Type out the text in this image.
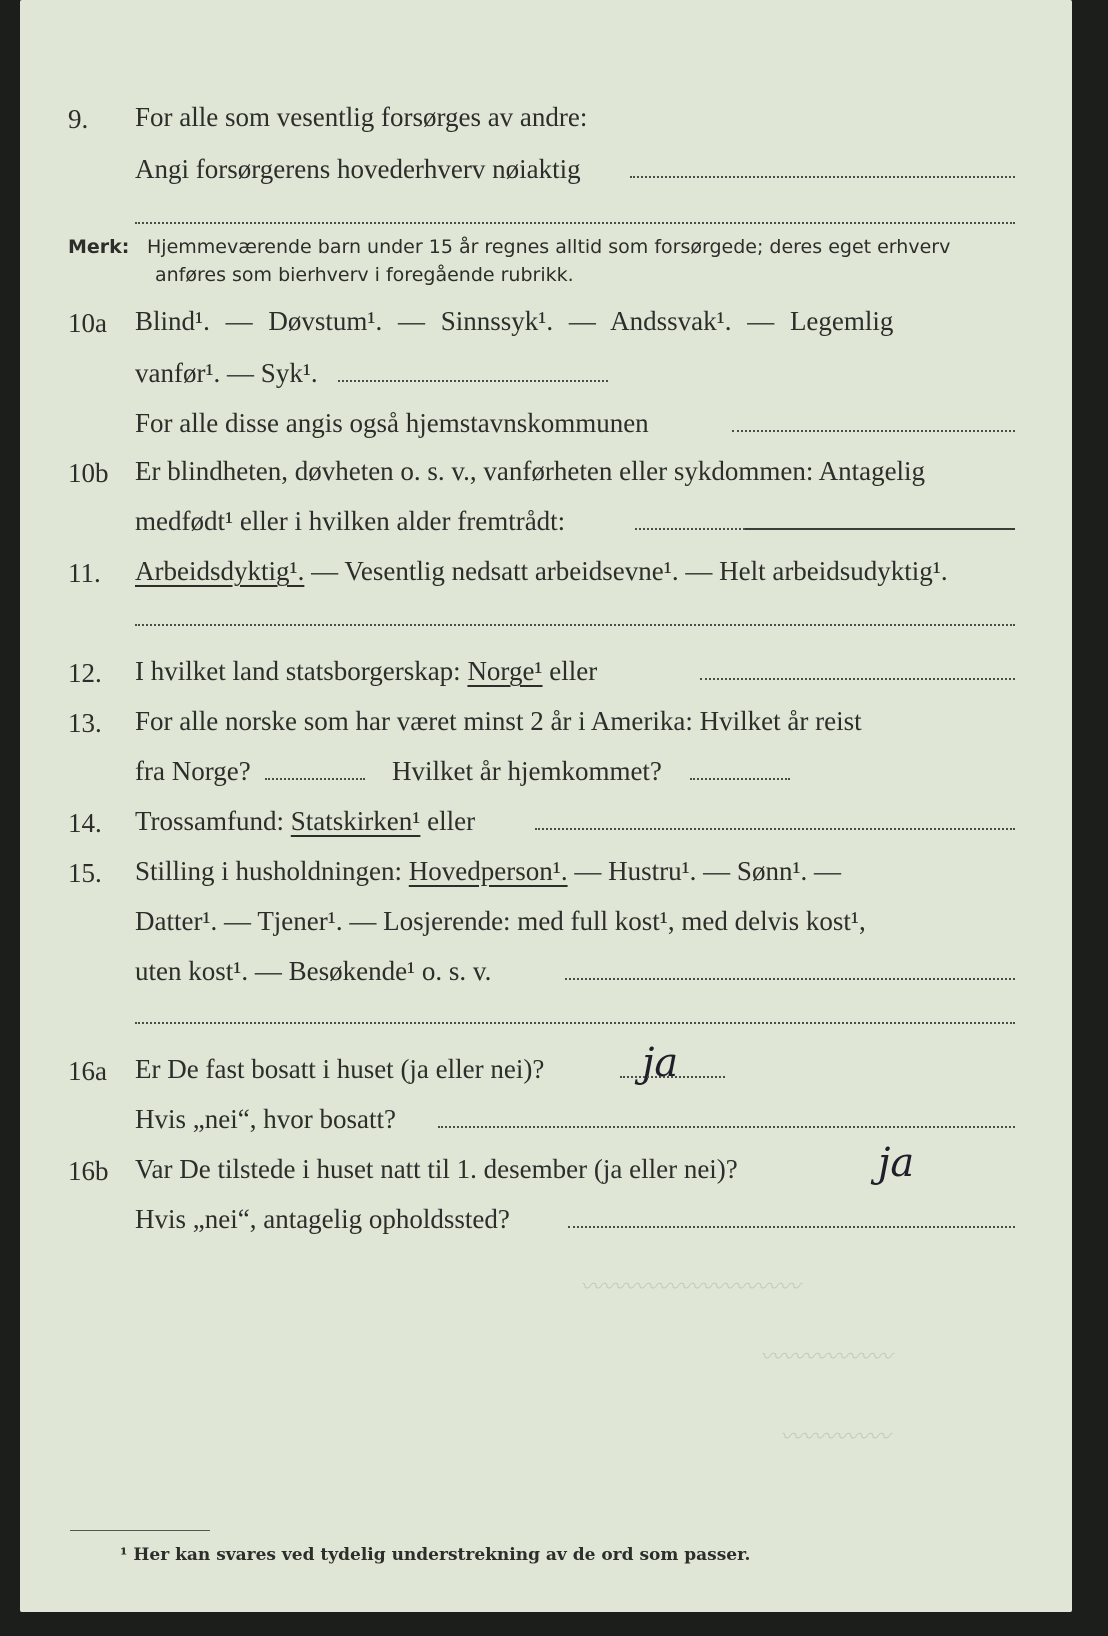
9. For alle som vesentlig forsørges av andre:
Angi forsørgerens hovederhverv nøiaktig
Merk: Hjemmeværende barn under 15 år regnes alltid som forsørgede; deres eget erhverv
anføres som bierhverv i foregående rubrikk.
10a Blind¹. — Døvstum¹. — Sinnssyk¹. — Andssvak¹. — Legemlig
vanfør¹. — Syk¹.
For alle disse angis også hjemstavnskommunen
10b Er blindheten, døvheten o. s. v., vanførheten eller sykdommen: Antagelig
medfødt¹ eller i hvilken alder fremtrådt:
11. Arbeidsdyktig¹. — Vesentlig nedsatt arbeidsevne¹. — Helt arbeidsudyktig¹.
12. I hvilket land statsborgerskap: Norge¹ eller
13. For alle norske som har været minst 2 år i Amerika: Hvilket år reist
fra Norge?	Hvilket år hjemkommet?
14. Trossamfund: Statskirken¹ eller
15. Stilling i husholdningen: Hovedperson¹. — Hustru¹. — Sønn¹. —
Datter¹. — Tjener¹. — Losjerende: med full kost¹, med delvis kost¹,
uten kost¹. — Besøkende¹ o. s. v.
16a Er De fast bosatt i huset (ja eller nei)? ja
Hvis „nei“, hvor bosatt?
16b Var De tilstede i huset natt til 1. desember (ja eller nei)?	ja
Hvis „nei“, antagelig opholdssted?
〰〰〰〰〰〰〰〰〰〰
〰〰〰〰〰〰
〰〰〰〰〰
¹ Her kan svares ved tydelig understrekning av de ord som passer.
